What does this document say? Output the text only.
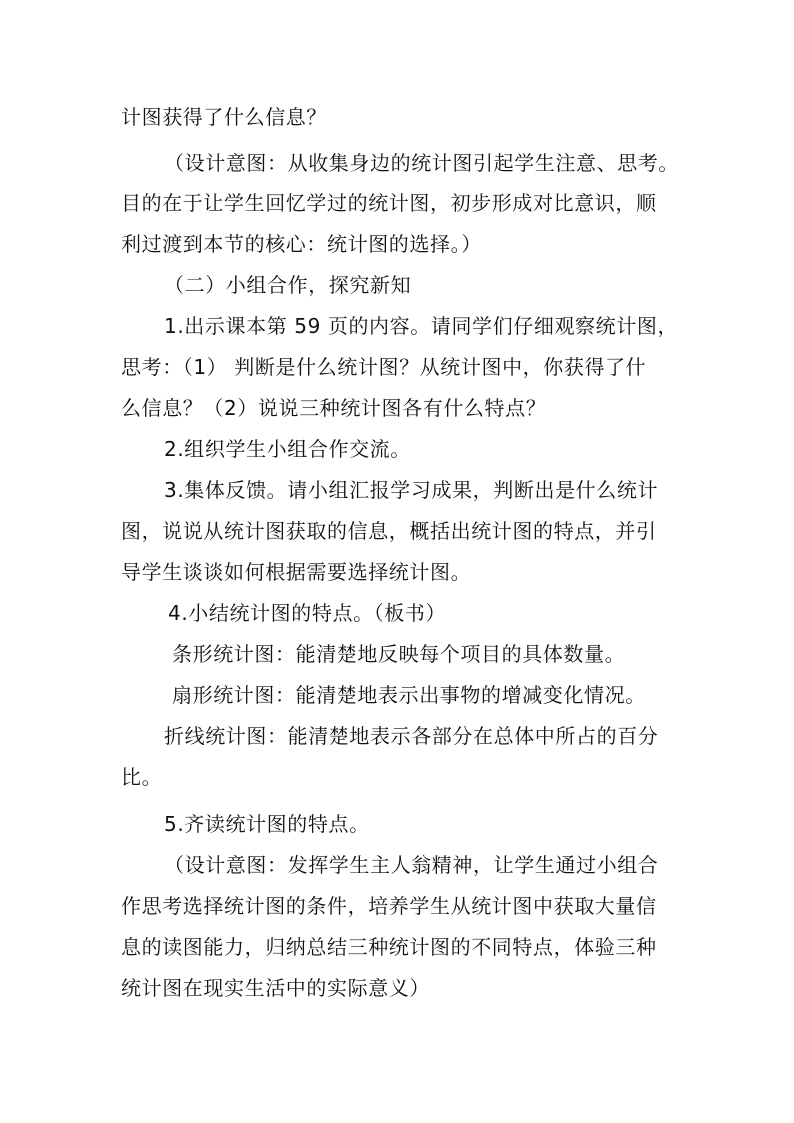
计图获得了什么信息？

（设计意图：从收集身边的统计图引起学生注意、思考。

目的在于让学生回忆学过的统计图，初步形成对比意识，顺

利过渡到本节的核心：统计图的选择。）

（二）小组合作，探究新知

1.出示课本第 59 页的内容。请同学们仔细观察统计图，

思考：（1） 判断是什么统计图？从统计图中，你获得了什

么信息？（2）说说三种统计图各有什么特点？

2.组织学生小组合作交流。

3.集体反馈。请小组汇报学习成果，判断出是什么统计

图，说说从统计图获取的信息，概括出统计图的特点，并引

导学生谈谈如何根据需要选择统计图。

4.小结统计图的特点。（板书）

条形统计图：能清楚地反映每个项目的具体数量。

扇形统计图：能清楚地表示出事物的增减变化情况。

折线统计图：能清楚地表示各部分在总体中所占的百分

比。

5.齐读统计图的特点。

（设计意图：发挥学生主人翁精神，让学生通过小组合

作思考选择统计图的条件，培养学生从统计图中获取大量信

息的读图能力，归纳总结三种统计图的不同特点，体验三种

统计图在现实生活中的实际意义）
